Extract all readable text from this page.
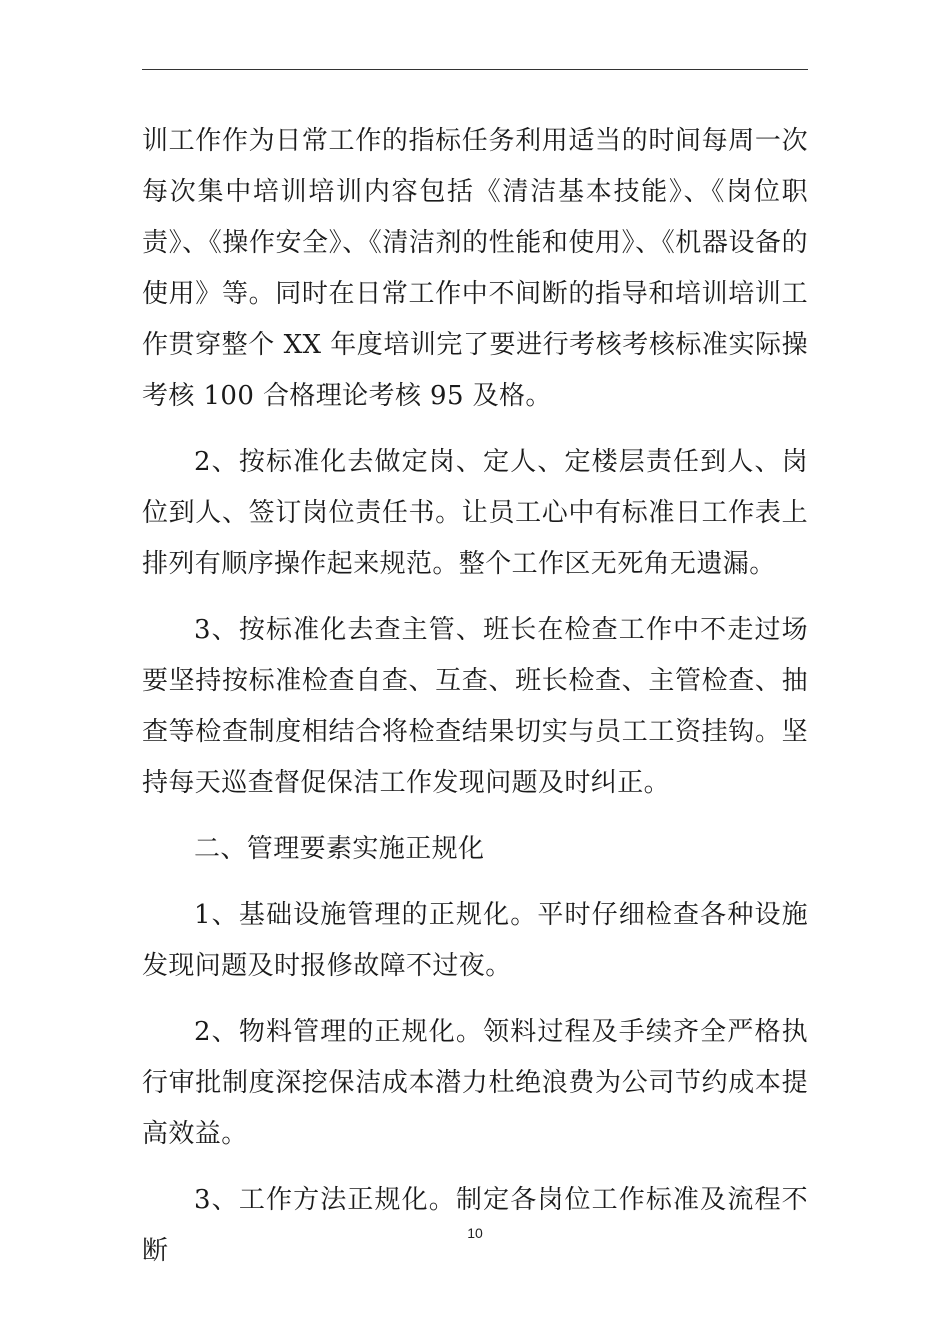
训工作作为日常工作的指标任务利用适当的时间每周一次每次集中培训培训内容包括《清洁基本技能》、《岗位职责》、《操作安全》、《清洁剂的性能和使用》、《机器设备的使用》等。同时在日常工作中不间断的指导和培训培训工作贯穿整个 XX 年度培训完了要进行考核考核标准实际操考核 100 合格理论考核 95 及格。

2、按标准化去做定岗、定人、定楼层责任到人、岗位到人、签订岗位责任书。让员工心中有标准日工作表上排列有顺序操作起来规范。整个工作区无死角无遗漏。

3、按标准化去查主管、班长在检查工作中不走过场要坚持按标准检查自查、互查、班长检查、主管检查、抽查等检查制度相结合将检查结果切实与员工工资挂钩。坚持每天巡查督促保洁工作发现问题及时纠正。

二、管理要素实施正规化

1、基础设施管理的正规化。平时仔细检查各种设施发现问题及时报修故障不过夜。

2、物料管理的正规化。领料过程及手续齐全严格执行审批制度深挖保洁成本潜力杜绝浪费为公司节约成本提高效益。

3、工作方法正规化。制定各岗位工作标准及流程不断

10
